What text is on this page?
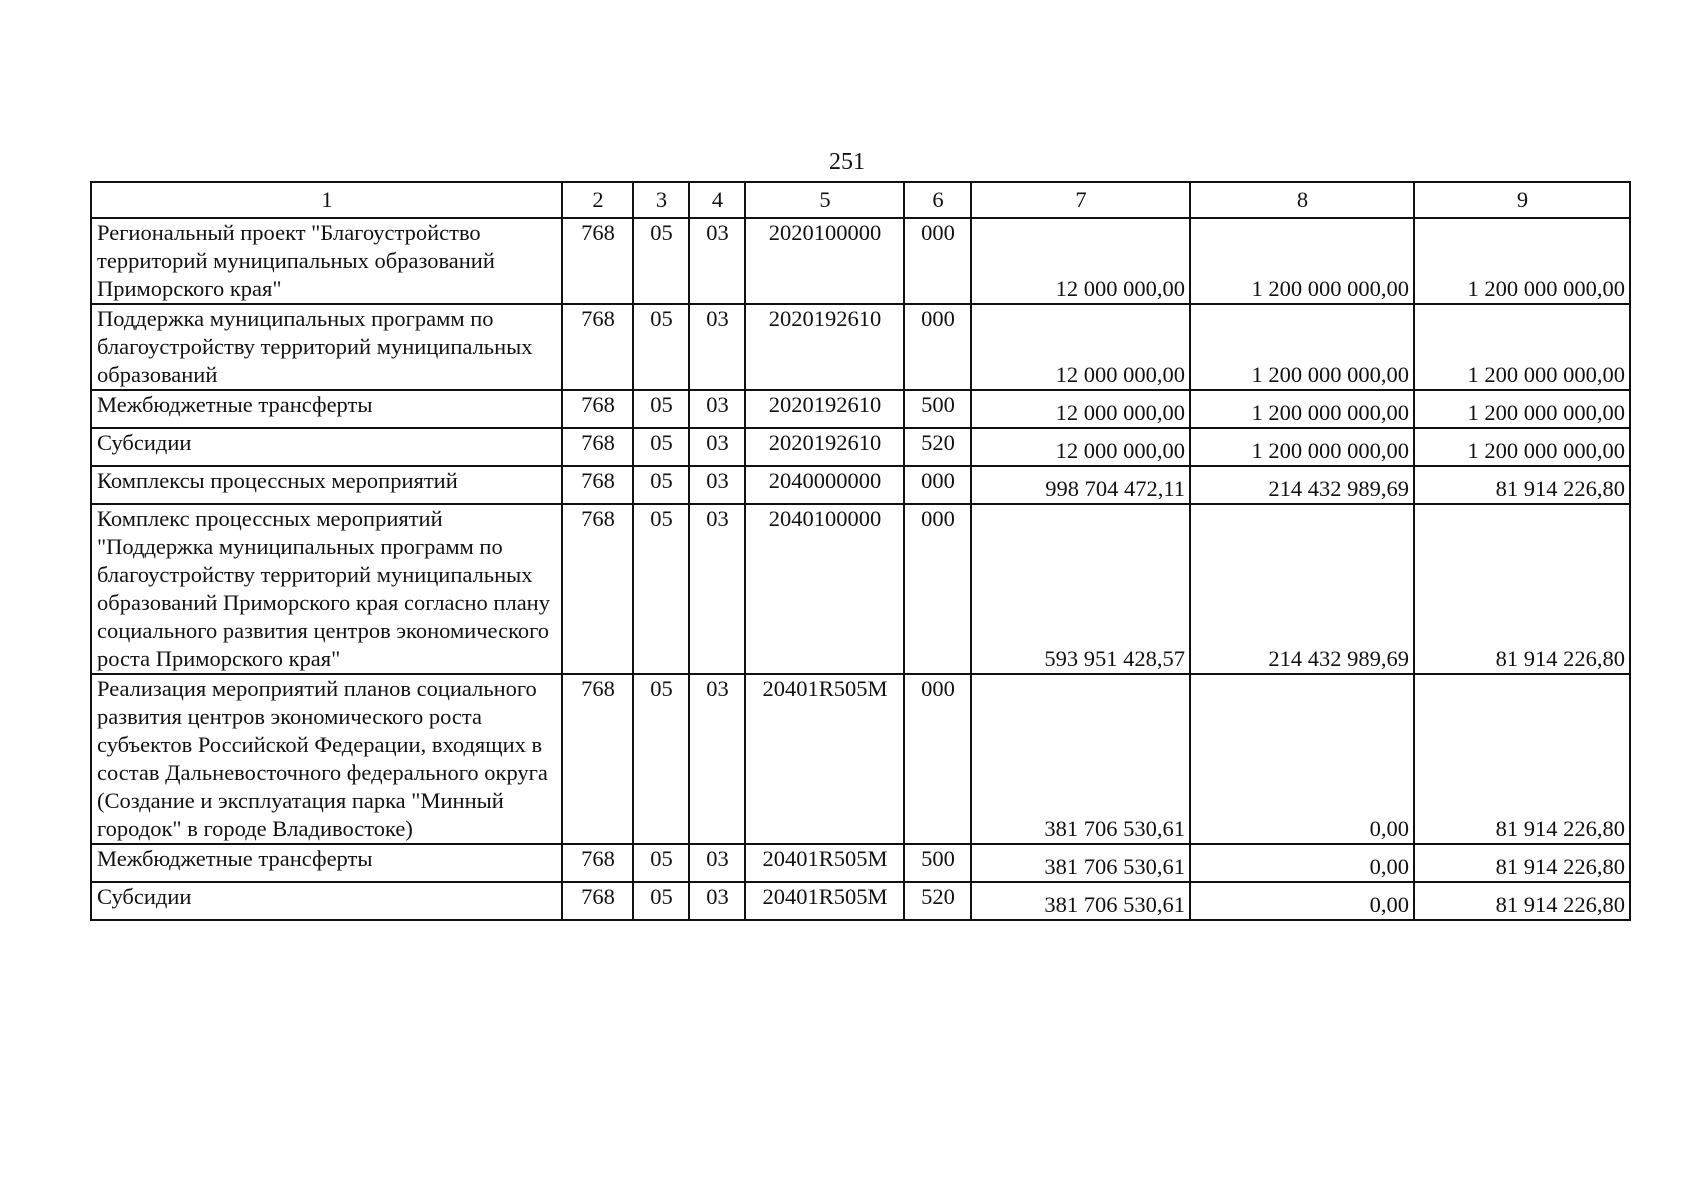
251
1	2	3	4	5	6	7	8	9
Региональный проект "Благоустройство территорий муниципальных образований Приморского края"	768	05	03	2020100000	000	12 000 000,00	1 200 000 000,00	1 200 000 000,00
Поддержка муниципальных программ по благоустройству территорий муниципальных образований	768	05	03	2020192610	000	12 000 000,00	1 200 000 000,00	1 200 000 000,00
Межбюджетные трансферты	768	05	03	2020192610	500	12 000 000,00	1 200 000 000,00	1 200 000 000,00
Субсидии	768	05	03	2020192610	520	12 000 000,00	1 200 000 000,00	1 200 000 000,00
Комплексы процессных мероприятий	768	05	03	2040000000	000	998 704 472,11	214 432 989,69	81 914 226,80
Комплекс процессных мероприятий "Поддержка муниципальных программ по благоустройству территорий муниципальных образований Приморского края согласно плану социального развития центров экономического роста Приморского края"	768	05	03	2040100000	000	593 951 428,57	214 432 989,69	81 914 226,80
Реализация мероприятий планов социального развития центров экономического роста субъектов Российской Федерации, входящих в состав Дальневосточного федерального округа (Создание и эксплуатация парка "Минный городок" в городе Владивостоке)	768	05	03	20401R505M	000	381 706 530,61	0,00	81 914 226,80
Межбюджетные трансферты	768	05	03	20401R505M	500	381 706 530,61	0,00	81 914 226,80
Субсидии	768	05	03	20401R505M	520	381 706 530,61	0,00	81 914 226,80
